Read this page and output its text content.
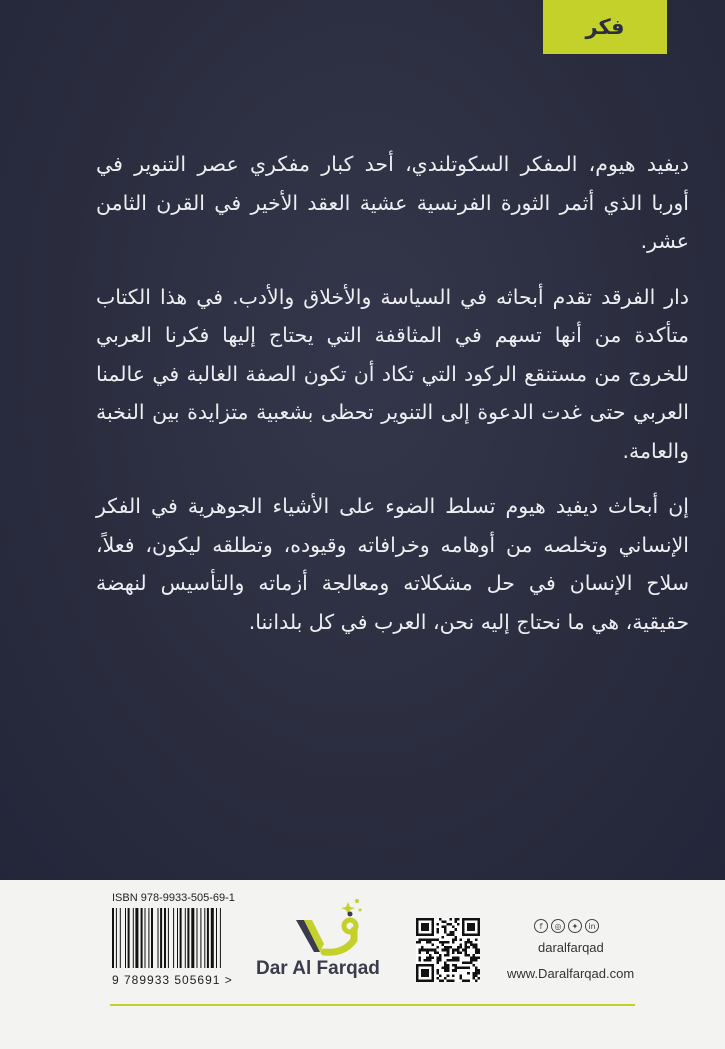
فكر

ديفيد هيوم، المفكر السكوتلندي، أحد كبار مفكري عصر التنوير في أوربا الذي أثمر الثورة الفرنسية عشية العقد الأخير في القرن الثامن عشر.

دار الفرقد تقدم أبحاثه في السياسة والأخلاق والأدب. في هذا الكتاب متأكدة من أنها تسهم في المثاقفة التي يحتاج إليها فكرنا العربي للخروج من مستنقع الركود التي تكاد أن تكون الصفة الغالبة في عالمنا العربي حتى غدت الدعوة إلى التنوير تحظى بشعبية متزايدة بين النخبة والعامة.

إن أبحاث ديفيد هيوم تسلط الضوء على الأشياء الجوهرية في الفكر الإنساني وتخلصه من أوهامه وخرافاته وقيوده، وتطلقه ليكون، فعلاً، سلاح الإنسان في حل مشكلاته ومعالجة أزماته والتأسيس لنهضة حقيقية، هي ما نحتاج إليه نحن، العرب في كل بلداننا.

ISBN 978-9933-505-69-1
9 789933 505691 >
Dar Al Farqad
f	◎	✦	in
daralfarqad
www.Daralfarqad.com
